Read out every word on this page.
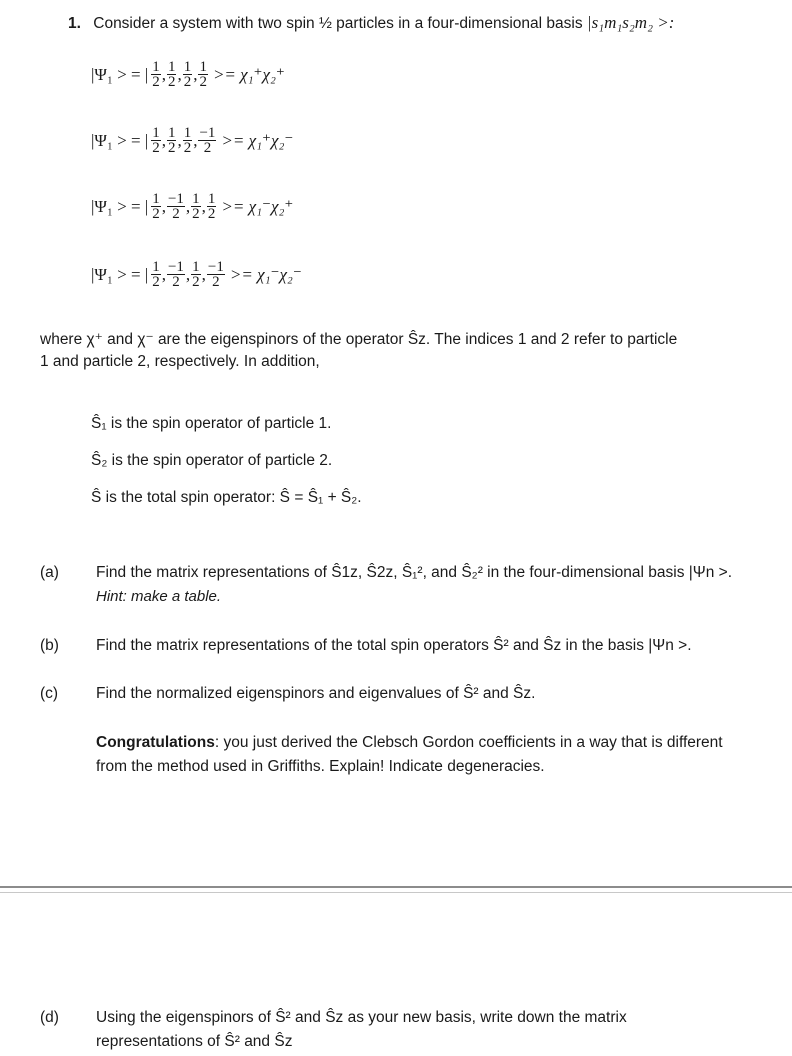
1. Consider a system with two spin ½ particles in a four-dimensional basis |s₁m₁s₂m₂ >:
|Ψ₁ > = | $\frac{1}{2}$ , $\frac{1}{2}$ , $\frac{1}{2}$ , $\frac{1}{2} >= \chi_1^+\chi_2^+$
|Ψ₁ > = | $\frac{1}{2}$ , $\frac{1}{2}$ , $\frac{1}{2}$ , $\frac{-1}{2} >= \chi_1^+\chi_2^-$
|Ψ₁ > = | $\frac{1}{2}$ , $\frac{-1}{2}$ , $\frac{1}{2}$ , $\frac{1}{2} >= \chi_1^-\chi_2^+$
|Ψ₁ > = | $\frac{1}{2}$ , $\frac{-1}{2}$ , $\frac{1}{2}$ , $\frac{-1}{2} >= \chi_1^-\chi_2^-$
where χ⁺ and χ⁻ are the eigenspinors of the operator Ŝz. The indices 1 and 2 refer to particle
1 and particle 2, respectively. In addition,
Ŝ₁ is the spin operator of particle 1.
Ŝ₂ is the spin operator of particle 2.
Ŝ is the total spin operator: Ŝ = Ŝ₁ + Ŝ₂.
(a) Find the matrix representations of Ŝ1z, Ŝ2z, Ŝ₁², and Ŝ₂² in the four-dimensional basis |Ψn >.
Hint: make a table.
(b) Find the matrix representations of the total spin operators Ŝ² and Ŝz in the basis |Ψn >.
(c) Find the normalized eigenspinors and eigenvalues of Ŝ² and Ŝz.
Congratulations: you just derived the Clebsch Gordon coefficients in a way that is different
from the method used in Griffiths. Explain! Indicate degeneracies.
(d) Using the eigenspinors of Ŝ² and Ŝz as your new basis, write down the matrix
representations of Ŝ² and Ŝz
